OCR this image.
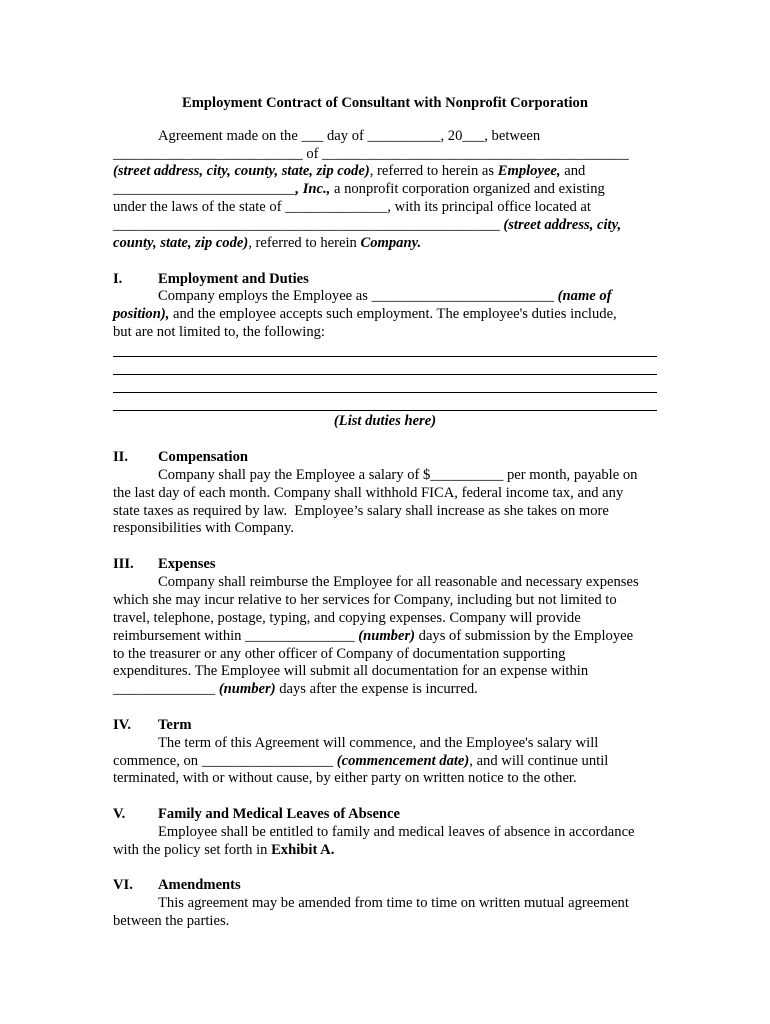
Employment Contract of Consultant with Nonprofit Corporation
Agreement made on the ___ day of __________, 20___, between
__________________________ of __________________________________________
(street address, city, county, state, zip code), referred to herein as Employee, and
_________________________, Inc., a nonprofit corporation organized and existing
under the laws of the state of ______________, with its principal office located at
_____________________________________________________ (street address, city,
county, state, zip code), referred to herein Company.
I. Employment and Duties
Company employs the Employee as _________________________ (name of
position), and the employee accepts such employment. The employee's duties include,
but are not limited to, the following:
(List duties here)
II. Compensation
Company shall pay the Employee a salary of $__________ per month, payable on
the last day of each month. Company shall withhold FICA, federal income tax, and any
state taxes as required by law.  Employee’s salary shall increase as she takes on more
responsibilities with Company.
III. Expenses
Company shall reimburse the Employee for all reasonable and necessary expenses
which she may incur relative to her services for Company, including but not limited to
travel, telephone, postage, typing, and copying expenses. Company will provide
reimbursement within _______________ (number) days of submission by the Employee
to the treasurer or any other officer of Company of documentation supporting
expenditures. The Employee will submit all documentation for an expense within
______________ (number) days after the expense is incurred.
IV. Term
The term of this Agreement will commence, and the Employee's salary will
commence, on __________________ (commencement date), and will continue until
terminated, with or without cause, by either party on written notice to the other.
V. Family and Medical Leaves of Absence
Employee shall be entitled to family and medical leaves of absence in accordance
with the policy set forth in Exhibit A.
VI. Amendments
This agreement may be amended from time to time on written mutual agreement
between the parties.
